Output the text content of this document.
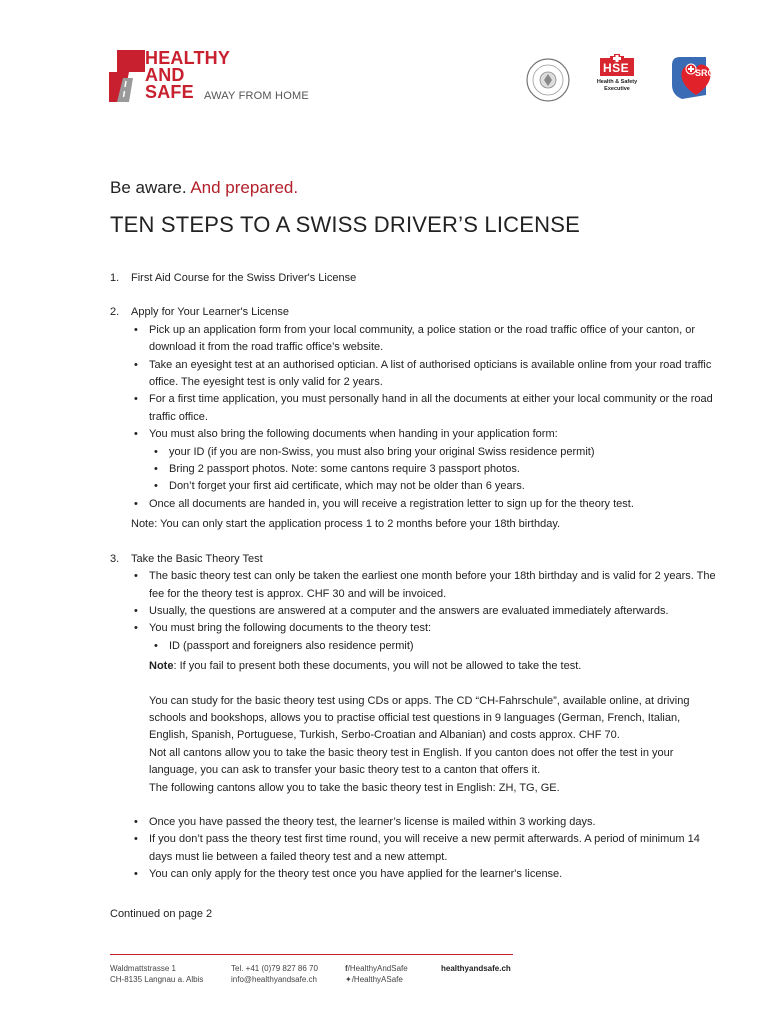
HEALTHY
AND
SAFE AWAY FROM HOME
HSE
Health & Safety
Executive
SRC
Be aware. And prepared.
TEN STEPS TO A SWISS DRIVER’S LICENSE
1. First Aid Course for the Swiss Driver's License
2. Apply for Your Learner's License
• Pick up an application form from your local community, a police station or the road traffic office of your canton, or download it from the road traffic office’s website.
• Take an eyesight test at an authorised optician. A list of authorised opticians is available online from your road traffic office. The eyesight test is only valid for 2 years.
• For a first time application, you must personally hand in all the documents at either your local community or the road traffic office.
• You must also bring the following documents when handing in your application form:
• your ID (if you are non-Swiss, you must also bring your original Swiss residence permit)
• Bring 2 passport photos. Note: some cantons require 3 passport photos.
• Don’t forget your first aid certificate, which may not be older than 6 years.
• Once all documents are handed in, you will receive a registration letter to sign up for the theory test.
Note: You can only start the application process 1 to 2 months before your 18th birthday.
3. Take the Basic Theory Test
• The basic theory test can only be taken the earliest one month before your 18th birthday and is valid for 2 years. The fee for the theory test is approx. CHF 30 and will be invoiced.
• Usually, the questions are answered at a computer and the answers are evaluated immediately afterwards.
• You must bring the following documents to the theory test:
• ID (passport and foreigners also residence permit)
Note: If you fail to present both these documents, you will not be allowed to take the test.
You can study for the basic theory test using CDs or apps. The CD “CH-Fahrschule”, available online, at driving schools and bookshops, allows you to practise official test questions in 9 languages (German, French, Italian, English, Spanish, Portuguese, Turkish, Serbo-Croatian and Albanian) and costs approx. CHF 70.
Not all cantons allow you to take the basic theory test in English. If you canton does not offer the test in your language, you can ask to transfer your basic theory test to a canton that offers it.
The following cantons allow you to take the basic theory test in English: ZH, TG, GE.
• Once you have passed the theory test, the learner’s license is mailed within 3 working days.
• If you don’t pass the theory test first time round, you will receive a new permit afterwards. A period of minimum 14 days must lie between a failed theory test and a new attempt.
• You can only apply for the theory test once you have applied for the learner's license.
Continued on page 2
Waldmattstrasse 1
CH-8135 Langnau a. Albis
Tel. +41 (0)79 827 86 70
info@healthyandsafe.ch
f/HealthyAndSafe
✦/HealthyASafe
healthyandsafe.ch
